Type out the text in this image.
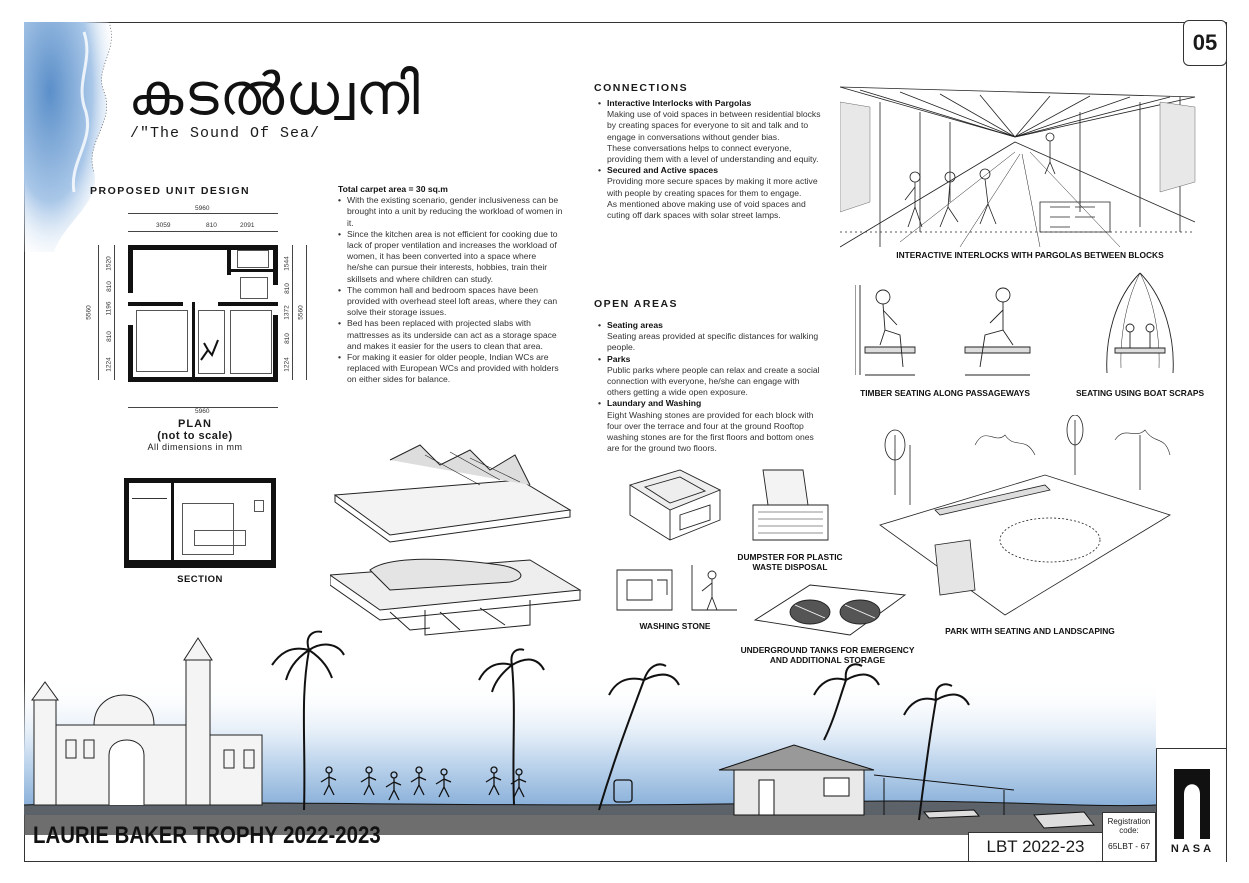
05
കടൽധ്വനി
/"The Sound Of Sea/
PROPOSED UNIT DESIGN
5960
3059	810	2091
5960
5560
1520
810
1196
810
1224
1544
810
1372
810
1224
5560
PLAN
(not to scale)
All dimensions in mm
SECTION
Total carpet area = 30 sq.m
• With the existing scenario, gender inclusiveness can be brought into a unit by reducing the workload of women in it.
• Since the kitchen area is not efficient for cooking due to lack of proper ventilation and increases the workload of women, it has been converted into a space where he/she can pursue their interests, hobbies, train their skillsets and where children can study.
• The common hall and bedroom spaces have been provided with overhead steel loft areas, where they can solve their storage issues.
• Bed has been replaced with projected slabs with mattresses as its underside can act as a storage space and makes it easier for the users to clean that area.
• For making it easier for older people, Indian WCs are replaced with European WCs and provided with holders on either sides for balance.
CONNECTIONS
• Interactive Interlocks with Pargolas
Making use of void spaces in between residential blocks by creating spaces for everyone to sit and talk and to engage in conversations without gender bias.
These conversations helps to connect everyone, providing them with a level of understanding and equity.
• Secured and Active spaces
Providing more secure spaces by making it more active with people by creating spaces for them to engage.
As mentioned above making use of void spaces and cuting off dark spaces with solar street lamps.
OPEN AREAS
• Seating areas
Seating areas provided at specific distances for walking people.
• Parks
Public parks where people can relax and create a social connection with everyone, he/she can engage with others getting a wide open exposure.
• Laundary and Washing
Eight Washing stones are provided for each block with four over the terrace and four at the ground Rooftop washing stones are for the first floors and bottom ones are for the ground two floors.
INTERACTIVE INTERLOCKS WITH PARGOLAS BETWEEN BLOCKS
TIMBER SEATING ALONG PASSAGEWAYS	SEATING USING BOAT SCRAPS
PARK WITH SEATING AND LANDSCAPING
WASHING STONE
DUMPSTER FOR PLASTIC WASTE DISPOSAL
UNDERGROUND TANKS FOR EMERGENCY AND ADDITIONAL STORAGE
LAURIE BAKER TROPHY 2022-2023	LBT 2022-23
Registration code:
65LBT - 67	NASA
